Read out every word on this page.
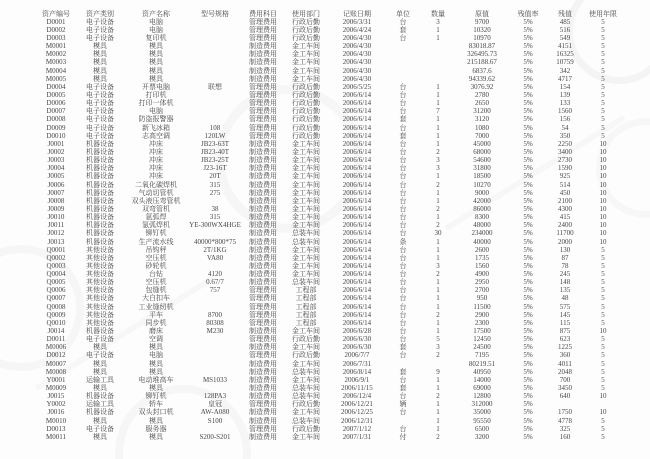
资产编号	资产类别	资产名称	型号规格	费用科目	使用部门	记账日期	单位	数量	原值	残值率	残值	使用年限
D0001	电子设备	电脑		管理费用	行政后勤	2006/3/31	台	3	9700	5%	485	5
D0002	电子设备	电脑		管理费用	行政后勤	2006/4/24	套	1	10320	5%	516	5
D0003	电子设备	复印机		管理费用	行政后勤	2006/4/30	台	1	10970	5%	549	5
M0001	模具	模具		制造费用	金工车间	2006/4/30			83018.87	5%	4151	5
M0002	模具	模具		制造费用	金工车间	2006/4/30			326495.73	5%	16325	5
M0003	模具	模具		制造费用	金工车间	2006/4/30			215188.67	5%	10759	5
M0004	模具	模具		制造费用	金工车间	2006/4/30			6837.6	5%	342	5
M0005	模具	模具		制造费用	金工车间	2006/4/30			94339.62	5%	4717	5
D0004	电子设备	开票电脑	联想	管理费用	行政后勤	2006/5/25	台	1	3076.92	5%	154	5
D0005	电子设备	打印机		管理费用	行政后勤	2006/6/14	台	1	2780	5%	139	5
D0006	电子设备	打印一体机		管理费用	行政后勤	2006/6/14	台	1	2650	5%	133	5
D0007	电子设备	电脑		管理费用	行政后勤	2006/6/14	台	7	31200	5%	1560	5
D0008	电子设备	防盗报警器		管理费用	行政后勤	2006/6/14	套	1	3120	5%	156	5
D0009	电子设备	新飞冰箱	108	管理费用	行政后勤	2006/6/14	台	1	1080	5%	54	5
D0010	电子设备	志高空调	120LW	管理费用	行政后勤	2006/6/14	套	1	7000	5%	350	5
J0001	机器设备	冲床	JB23-63T	制造费用	金工车间	2006/6/14	台	1	45000	5%	2250	10
J0002	机器设备	冲床	JB23-40T	制造费用	金工车间	2006/6/14	台	2	68000	5%	3400	10
J0003	机器设备	冲床	JB23-25T	制造费用	金工车间	2006/6/14	台	3	54600	5%	2730	10
J0004	机器设备	冲床	J23-16T	制造费用	金工车间	2006/6/14	台	3	31800	5%	1590	10
J0005	机器设备	冲床	20T	制造费用	金工车间	2006/6/14	台	1	18500	5%	925	10
J0006	机器设备	二氧化碳焊机	315	制造费用	金工车间	2006/6/14	台	2	10270	5%	514	10
J0007	机器设备	气动切管机	275	制造费用	金工车间	2006/6/14	台	1	9000	5%	450	10
J0008	机器设备	双头液压弯管机		制造费用	金工车间	2006/6/14	台	1	42000	5%	2100	10
J0009	机器设备	双弯管机	38	制造费用	金工车间	2006/6/14	台	2	86000	5%	4300	10
J0010	机器设备	氩弧焊	315	制造费用	金工车间	2006/6/14	台	1	8300	5%	415	10
J0011	机器设备	氩弧焊机	YE-300WX4HGE	制造费用	金工车间	2006/6/14	台	2	48000	5%	2400	10
J0012	机器设备	铆钉机		制造费用	总装车间	2006/6/14	台	30	234000	5%	11700	10
J0013	机器设备	生产流水线	40000*800*75	制造费用	总装车间	2006/6/14	条	1	40000	5%	2000	10
Q0001	其他设备	吊钩秤	2T/1KG	制造费用	金工车间	2006/6/14	台	1	2600	5%	130	5
Q0002	其他设备	空压机	VA80	制造费用	金工车间	2006/6/14	台	1	1735	5%	87	5
Q0003	其他设备	砂轮机		制造费用	金工车间	2006/6/14	台	3	1560	5%	78	5
Q0004	其他设备	台钻	4120	制造费用	金工车间	2006/6/14	台	2	4900	5%	245	5
Q0005	其他设备	空压机	0.67/7	制造费用	总装车间	2006/6/14	台	1	2950	5%	148	5
Q0006	其他设备	包缝机	757	管理费用	工程部	2006/6/14	台	1	2700	5%	135	5
Q0007	其他设备	大白扣车		管理费用	工程部	2006/6/14	台	1	950	5%	48	5
Q0008	其他设备	工业缝纫机		管理费用	工程部	2006/6/14	台	1	11500	5%	575	5
Q0009	其他设备	平车	8700	管理费用	工程部	2006/6/14	台	2	2900	5%	145	5
Q0010	其他设备	同步机	80308	管理费用	工程部	2006/6/14	台	1	2300	5%	115	5
J0014	机器设备	磨床	M230	制造费用	金工车间	2006/6/28	台	1	17500	5%	875	10
D0011	电子设备	空调		管理费用	行政后勤	2006/6/30	台	5	12450	5%	623	5
M0006	模具	模具		制造费用	金工车间	2006/6/30	套	3	24500	5%	1225	5
D0012	电子设备	电脑		管理费用	行政后勤	2006/7/7	台	2	7195	5%	360	5
M0007	模具	模具		制造费用	金工车间	2006/7/31			80219.51	5%	4011	5
M0008	模具	模具		制造费用	总装车间	2006/8/14	套	9	40950	5%	2048	5
Y0001	运输工具	电动堆高车	MS1033	制造费用	金工车间	2006/9/1	台	1	14000	5%	700	5
M0009	模具	模具		制造费用	总装车间	2006/11/15	套	1	69000	5%	3450	5
J0015	机器设备	铆钉机	128PA3	制造费用	总装车间	2006/12/4	台	2	12800	5%	640	10
Y0002	运输工具	轿车	皇冠	管理费用	行政后勤	2006/12/21	辆	1	312000	5%		
J0016	机器设备	双头封口机	AW-A080	制造费用	金工车间	2006/12/25	台	1	35000	5%	1750	10
M0010	模具	模具	S100	制造费用	总装车间	2006/12/31		1	95550	5%	4778	5
D0013	电子设备	服务器		管理费用	行政后勤	2007/1/12	台	1	6500	5%	325	5
M0011	模具	模具	S200-S201	制造费用	金工车间	2007/1/31	付	2	3200	5%	160	5
